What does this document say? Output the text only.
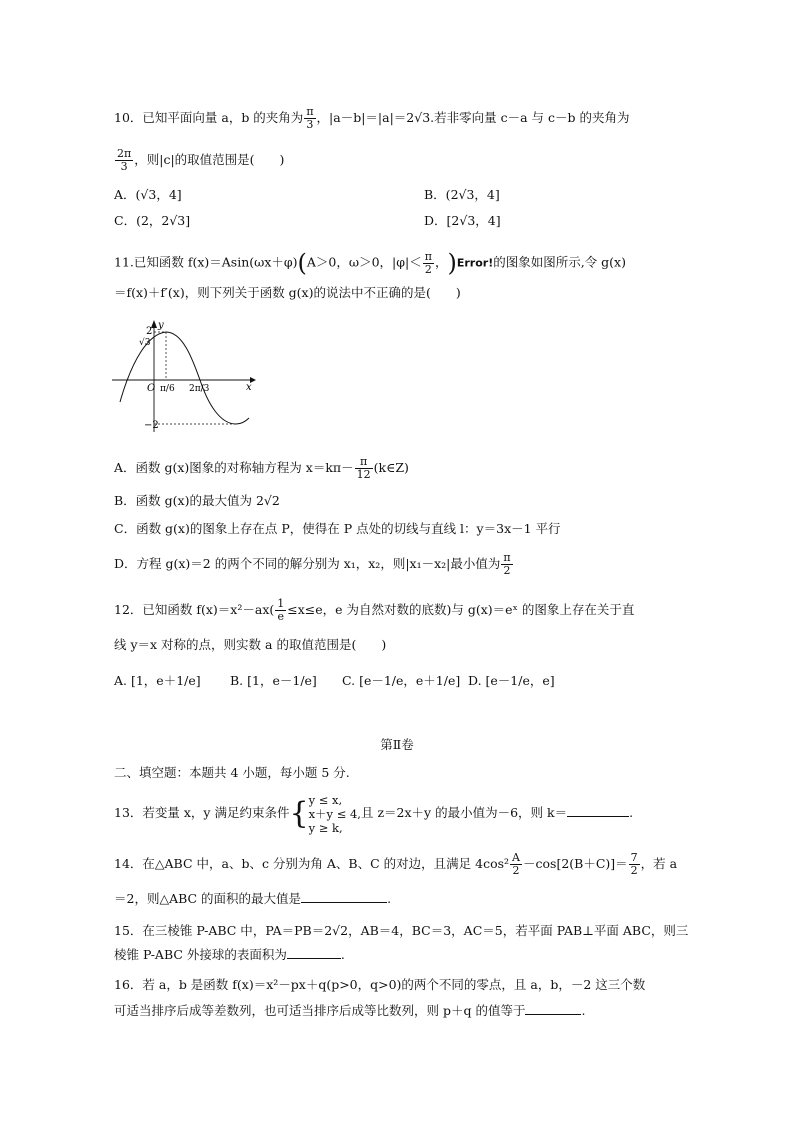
10．已知平面向量 a，b 的夹角为 $\frac{\pi}{3}$ ，|a－b|＝|a|＝2√3.若非零向量 c－a 与 c－b 的夹角为
$\frac{2\pi}{3}$ ，则|c|的取值范围是(　　)
A．(√3，4]	B．(2√3，4]
C．(2，2√3]	D．[2√3，4]
11.已知函数 f(x)＝Asin(ωx＋φ)(A＞0，ω＞0，$|\varphi|< \frac{\pi}{2}$ ，)Error!的图象如图所示,令 g(x)
＝f(x)＋f′(x)，则下列关于函数 g(x)的说法中不正确的是(　　)
2
√3
−2
O	x
y
π/6 2π/3
A．函数 g(x)图象的对称轴方程为 $x=k\pi- \frac{\pi}{12}$ (k∈Z)
B．函数 g(x)的最大值为 2√2
C．函数 g(x)的图象上存在点 P，使得在 P 点处的切线与直线 l：y＝3x－1 平行
D．方程 g(x)＝2 的两个不同的解分别为 x₁，x₂，则|x₁－x₂|最小值为 $\frac{\pi}{2}$
12．已知函数 $f(x)=x^2-ax( \frac{1}{e} \le x\le e$，e 为自然对数的底数)与 g(x)＝eˣ 的图象上存在关于直
线 y＝x 对称的点，则实数 a 的取值范围是(　　)
A. [1，e＋1/e] B. [1，e－1/e] C. [e－1/e，e＋1/e] D. [e－1/e，e]
第Ⅱ卷
二、填空题：本题共 4 小题，每小题 5 分.
13．若变量 x，y 满足约束条件{ y ≤ x,
x＋y ≤ 4,
y ≥ k,
且 z＝2x＋y 的最小值为－6，则 k＝	.
14．在△ABC 中，a、b、c 分别为角 A、B、C 的对边，且满足 $4\cos^2 \frac{A}{2} -\cos[2(B+C)]= \frac{7}{2}$ ，若 a
＝2，则△ABC 的面积的最大值是	.
15．在三棱锥 P-ABC 中，PA＝PB＝2√2，AB＝4，BC＝3，AC＝5，若平面 PAB⊥平面 ABC，则三
棱锥 P-ABC 外接球的表面积为	.
16．若 a，b 是函数 f(x)＝x²－px＋q(p>0，q>0)的两个不同的零点，且 a，b，－2 这三个数
可适当排序后成等差数列，也可适当排序后成等比数列，则 p＋q 的值等于	.
